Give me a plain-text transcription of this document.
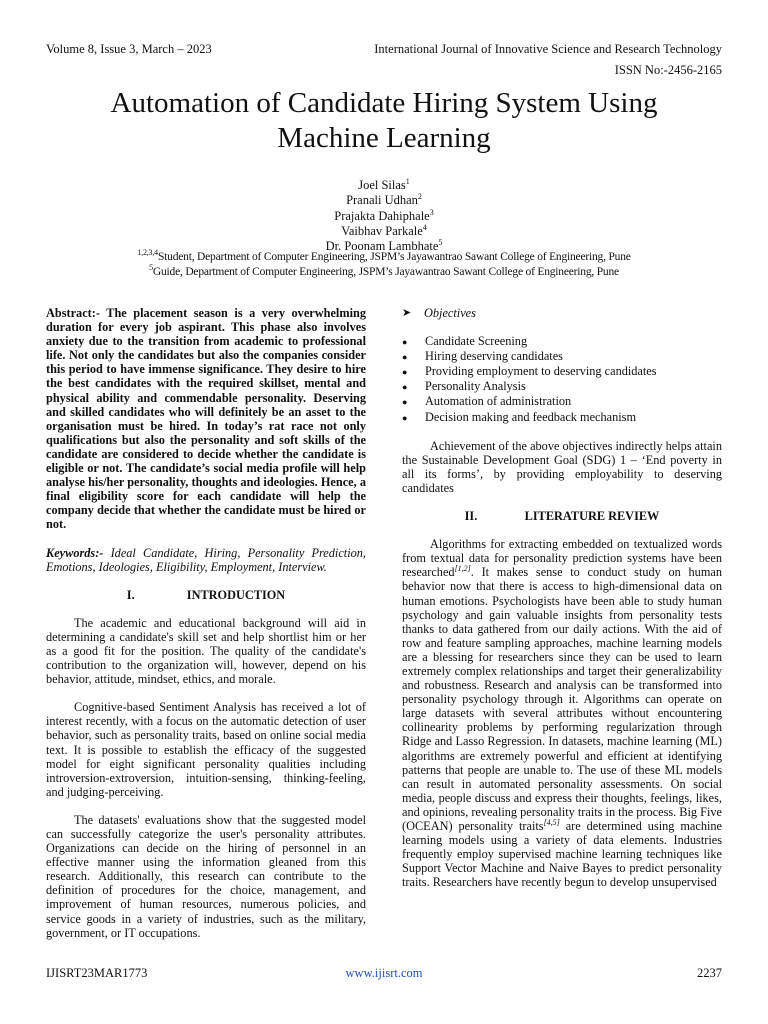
Volume 8, Issue 3, March – 2023	International Journal of Innovative Science and Research Technology
ISSN No:-2456-2165
Automation of Candidate Hiring System Using
Machine Learning
Joel Silas$^1$
Pranali Udhan$^2$
Prajakta Dahiphale$^3$
Vaibhav Parkale$^4$
Dr. Poonam Lambhate$^5$
$^{1,2,3,4}$Student, Department of Computer Engineering, JSPM’s Jayawantrao Sawant College of Engineering, Pune
$^5$Guide, Department of Computer Engineering, JSPM’s Jayawantrao Sawant College of Engineering, Pune

Abstract:- The placement season is a very overwhelming duration for every job aspirant. This phase also involves anxiety due to the transition from academic to professional life. Not only the candidates but also the companies consider this period to have immense significance. They desire to hire the best candidates with the required skillset, mental and physical ability and commendable personality. Deserving and skilled candidates who will definitely be an asset to the organisation must be hired. In today’s rat race not only qualifications but also the personality and soft skills of the candidate are considered to decide whether the candidate is eligible or not. The candidate’s social media profile will help analyse his/her personality, thoughts and ideologies. Hence, a final eligibility score for each candidate will help the company decide that whether the candidate must be hired or not.

Keywords:- Ideal Candidate, Hiring, Personality Prediction, Emotions, Ideologies, Eligibility, Employment, Interview.

I.	INTRODUCTION

The academic and educational background will aid in determining a candidate's skill set and help shortlist him or her as a good fit for the position. The quality of the candidate's contribution to the organization will, however, depend on his behavior, attitude, mindset, ethics, and morale.

Cognitive-based Sentiment Analysis has received a lot of interest recently, with a focus on the automatic detection of user behavior, such as personality traits, based on online social media text. It is possible to establish the efficacy of the suggested model for eight significant personality qualities including introversion-extroversion, intuition-sensing, thinking-feeling, and judging-perceiving.

The datasets' evaluations show that the suggested model can successfully categorize the user's personality attributes. Organizations can decide on the hiring of personnel in an effective manner using the information gleaned from this research. Additionally, this research can contribute to the definition of procedures for the choice, management, and improvement of human resources, numerous policies, and service goods in a variety of industries, such as the military, government, or IT occupations.

➤	Objectives
●	Candidate Screening
●	Hiring deserving candidates
●	Providing employment to deserving candidates
●	Personality Analysis
●	Automation of administration
●	Decision making and feedback mechanism

Achievement of the above objectives indirectly helps attain the Sustainable Development Goal (SDG) 1 – ‘End poverty in all its forms’, by providing employability to deserving candidates

II.	LITERATURE REVIEW

Algorithms for extracting embedded on textualized words from textual data for personality prediction systems have been researched[1,2]. It makes sense to conduct study on human behavior now that there is access to high-dimensional data on human emotions. Psychologists have been able to study human psychology and gain valuable insights from personality tests thanks to data gathered from our daily actions. With the aid of row and feature sampling approaches, machine learning models are a blessing for researchers since they can be used to learn extremely complex relationships and target their generalizability and robustness. Research and analysis can be transformed into personality psychology through it. Algorithms can operate on large datasets with several attributes without encountering collinearity problems by performing regularization through Ridge and Lasso Regression. In datasets, machine learning (ML) algorithms are extremely powerful and efficient at identifying patterns that people are unable to. The use of these ML models can result in automated personality assessments. On social media, people discuss and express their thoughts, feelings, likes, and opinions, revealing personality traits in the process. Big Five (OCEAN) personality traits[4,5] are determined using machine learning models using a variety of data elements. Industries frequently employ supervised machine learning techniques like Support Vector Machine and Naive Bayes to predict personality traits. Researchers have recently begun to develop unsupervised

IJISRT23MAR1773	www.ijisrt.com	2237
